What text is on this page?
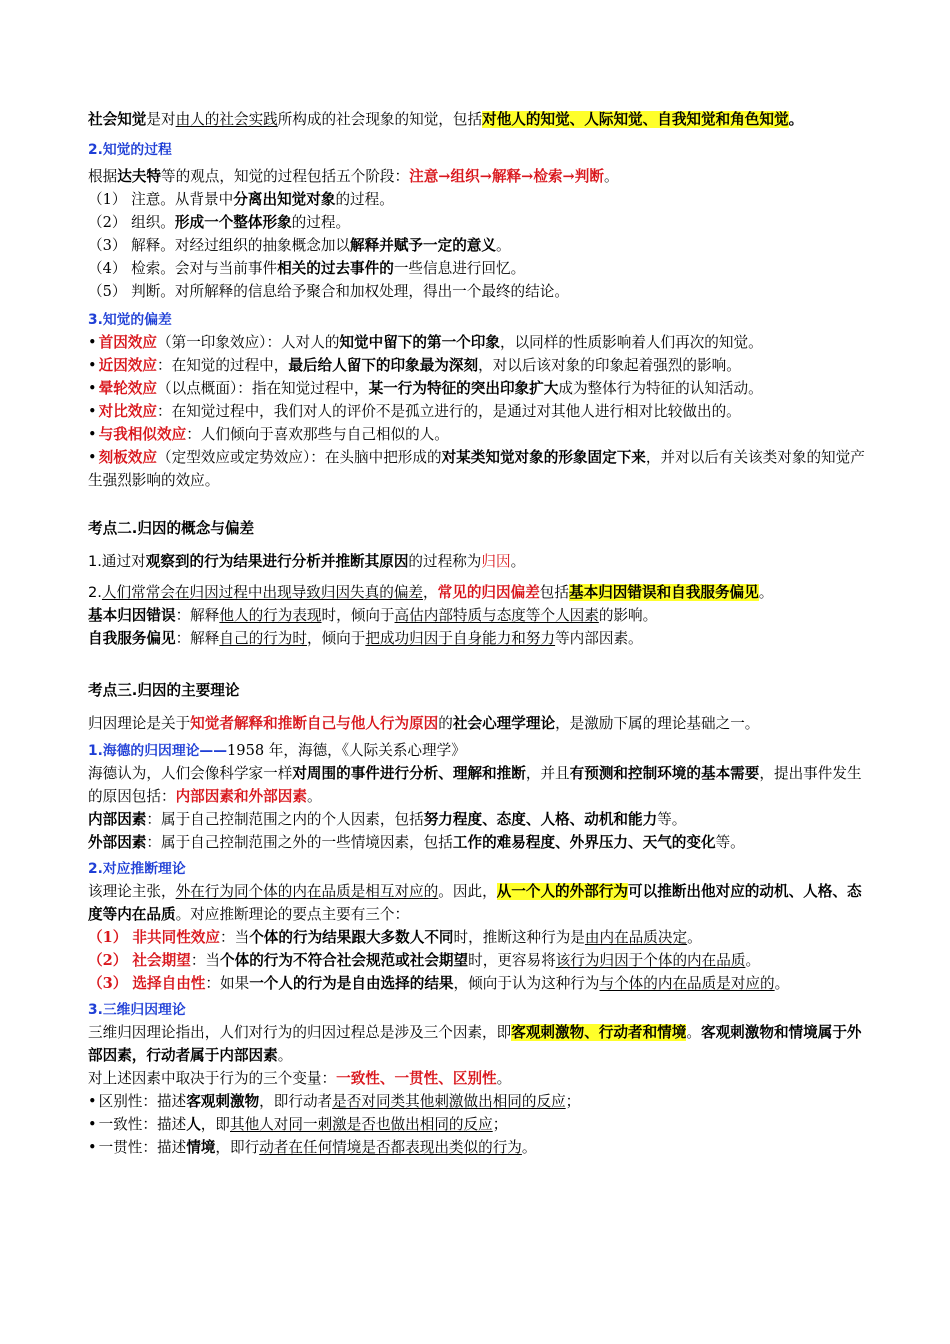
社会知觉是对由人的社会实践所构成的社会现象的知觉，包括对他人的知觉、人际知觉、自我知觉和角色知觉。

2.知觉的过程

根据达夫特等的观点，知觉的过程包括五个阶段：注意→组织→解释→检索→判断。

（1） 注意。从背景中分离出知觉对象的过程。

（2） 组织。形成一个整体形象的过程。

（3） 解释。对经过组织的抽象概念加以解释并赋予一定的意义。

（4） 检索。会对与当前事件相关的过去事件的一些信息进行回忆。

（5） 判断。对所解释的信息给予聚合和加权处理，得出一个最终的结论。

3.知觉的偏差

• 首因效应（第一印象效应）：人对人的知觉中留下的第一个印象，以同样的性质影响着人们再次的知觉。

• 近因效应：在知觉的过程中，最后给人留下的印象最为深刻，对以后该对象的印象起着强烈的影响。

• 晕轮效应（以点概面）：指在知觉过程中，某一行为特征的突出印象扩大成为整体行为特征的认知活动。

• 对比效应：在知觉过程中，我们对人的评价不是孤立进行的，是通过对其他人进行相对比较做出的。

• 与我相似效应：人们倾向于喜欢那些与自己相似的人。

• 刻板效应（定型效应或定势效应）：在头脑中把形成的对某类知觉对象的形象固定下来，并对以后有关该类对象的知觉产生强烈影响的效应。

考点二.归因的概念与偏差

1.通过对观察到的行为结果进行分析并推断其原因的过程称为归因。

2.人们常常会在归因过程中出现导致归因失真的偏差，常见的归因偏差包括基本归因错误和自我服务偏见。

基本归因错误：解释他人的行为表现时，倾向于高估内部特质与态度等个人因素的影响。

自我服务偏见：解释自己的行为时，倾向于把成功归因于自身能力和努力等内部因素。

考点三.归因的主要理论

归因理论是关于知觉者解释和推断自己与他人行为原因的社会心理学理论，是激励下属的理论基础之一。

1.海德的归因理论——1958 年，海德，《人际关系心理学》

海德认为，人们会像科学家一样对周围的事件进行分析、理解和推断，并且有预测和控制环境的基本需要，提出事件发生的原因包括：内部因素和外部因素。

内部因素：属于自己控制范围之内的个人因素，包括努力程度、态度、人格、动机和能力等。

外部因素：属于自己控制范围之外的一些情境因素，包括工作的难易程度、外界压力、天气的变化等。

2.对应推断理论

该理论主张，外在行为同个体的内在品质是相互对应的。因此，从一个人的外部行为可以推断出他对应的动机、人格、态度等内在品质。对应推断理论的要点主要有三个：

（1） 非共同性效应：当个体的行为结果跟大多数人不同时，推断这种行为是由内在品质决定。

（2） 社会期望：当个体的行为不符合社会规范或社会期望时，更容易将该行为归因于个体的内在品质。

（3） 选择自由性：如果一个人的行为是自由选择的结果，倾向于认为这种行为与个体的内在品质是对应的。

3.三维归因理论

三维归因理论指出，人们对行为的归因过程总是涉及三个因素，即客观刺激物、行动者和情境。客观刺激物和情境属于外部因素，行动者属于内部因素。

对上述因素中取决于行为的三个变量：一致性、一贯性、区别性。

• 区别性：描述客观刺激物，即行动者是否对同类其他刺激做出相同的反应；

• 一致性：描述人，即其他人对同一刺激是否也做出相同的反应；

• 一贯性：描述情境，即行动者在任何情境是否都表现出类似的行为。
